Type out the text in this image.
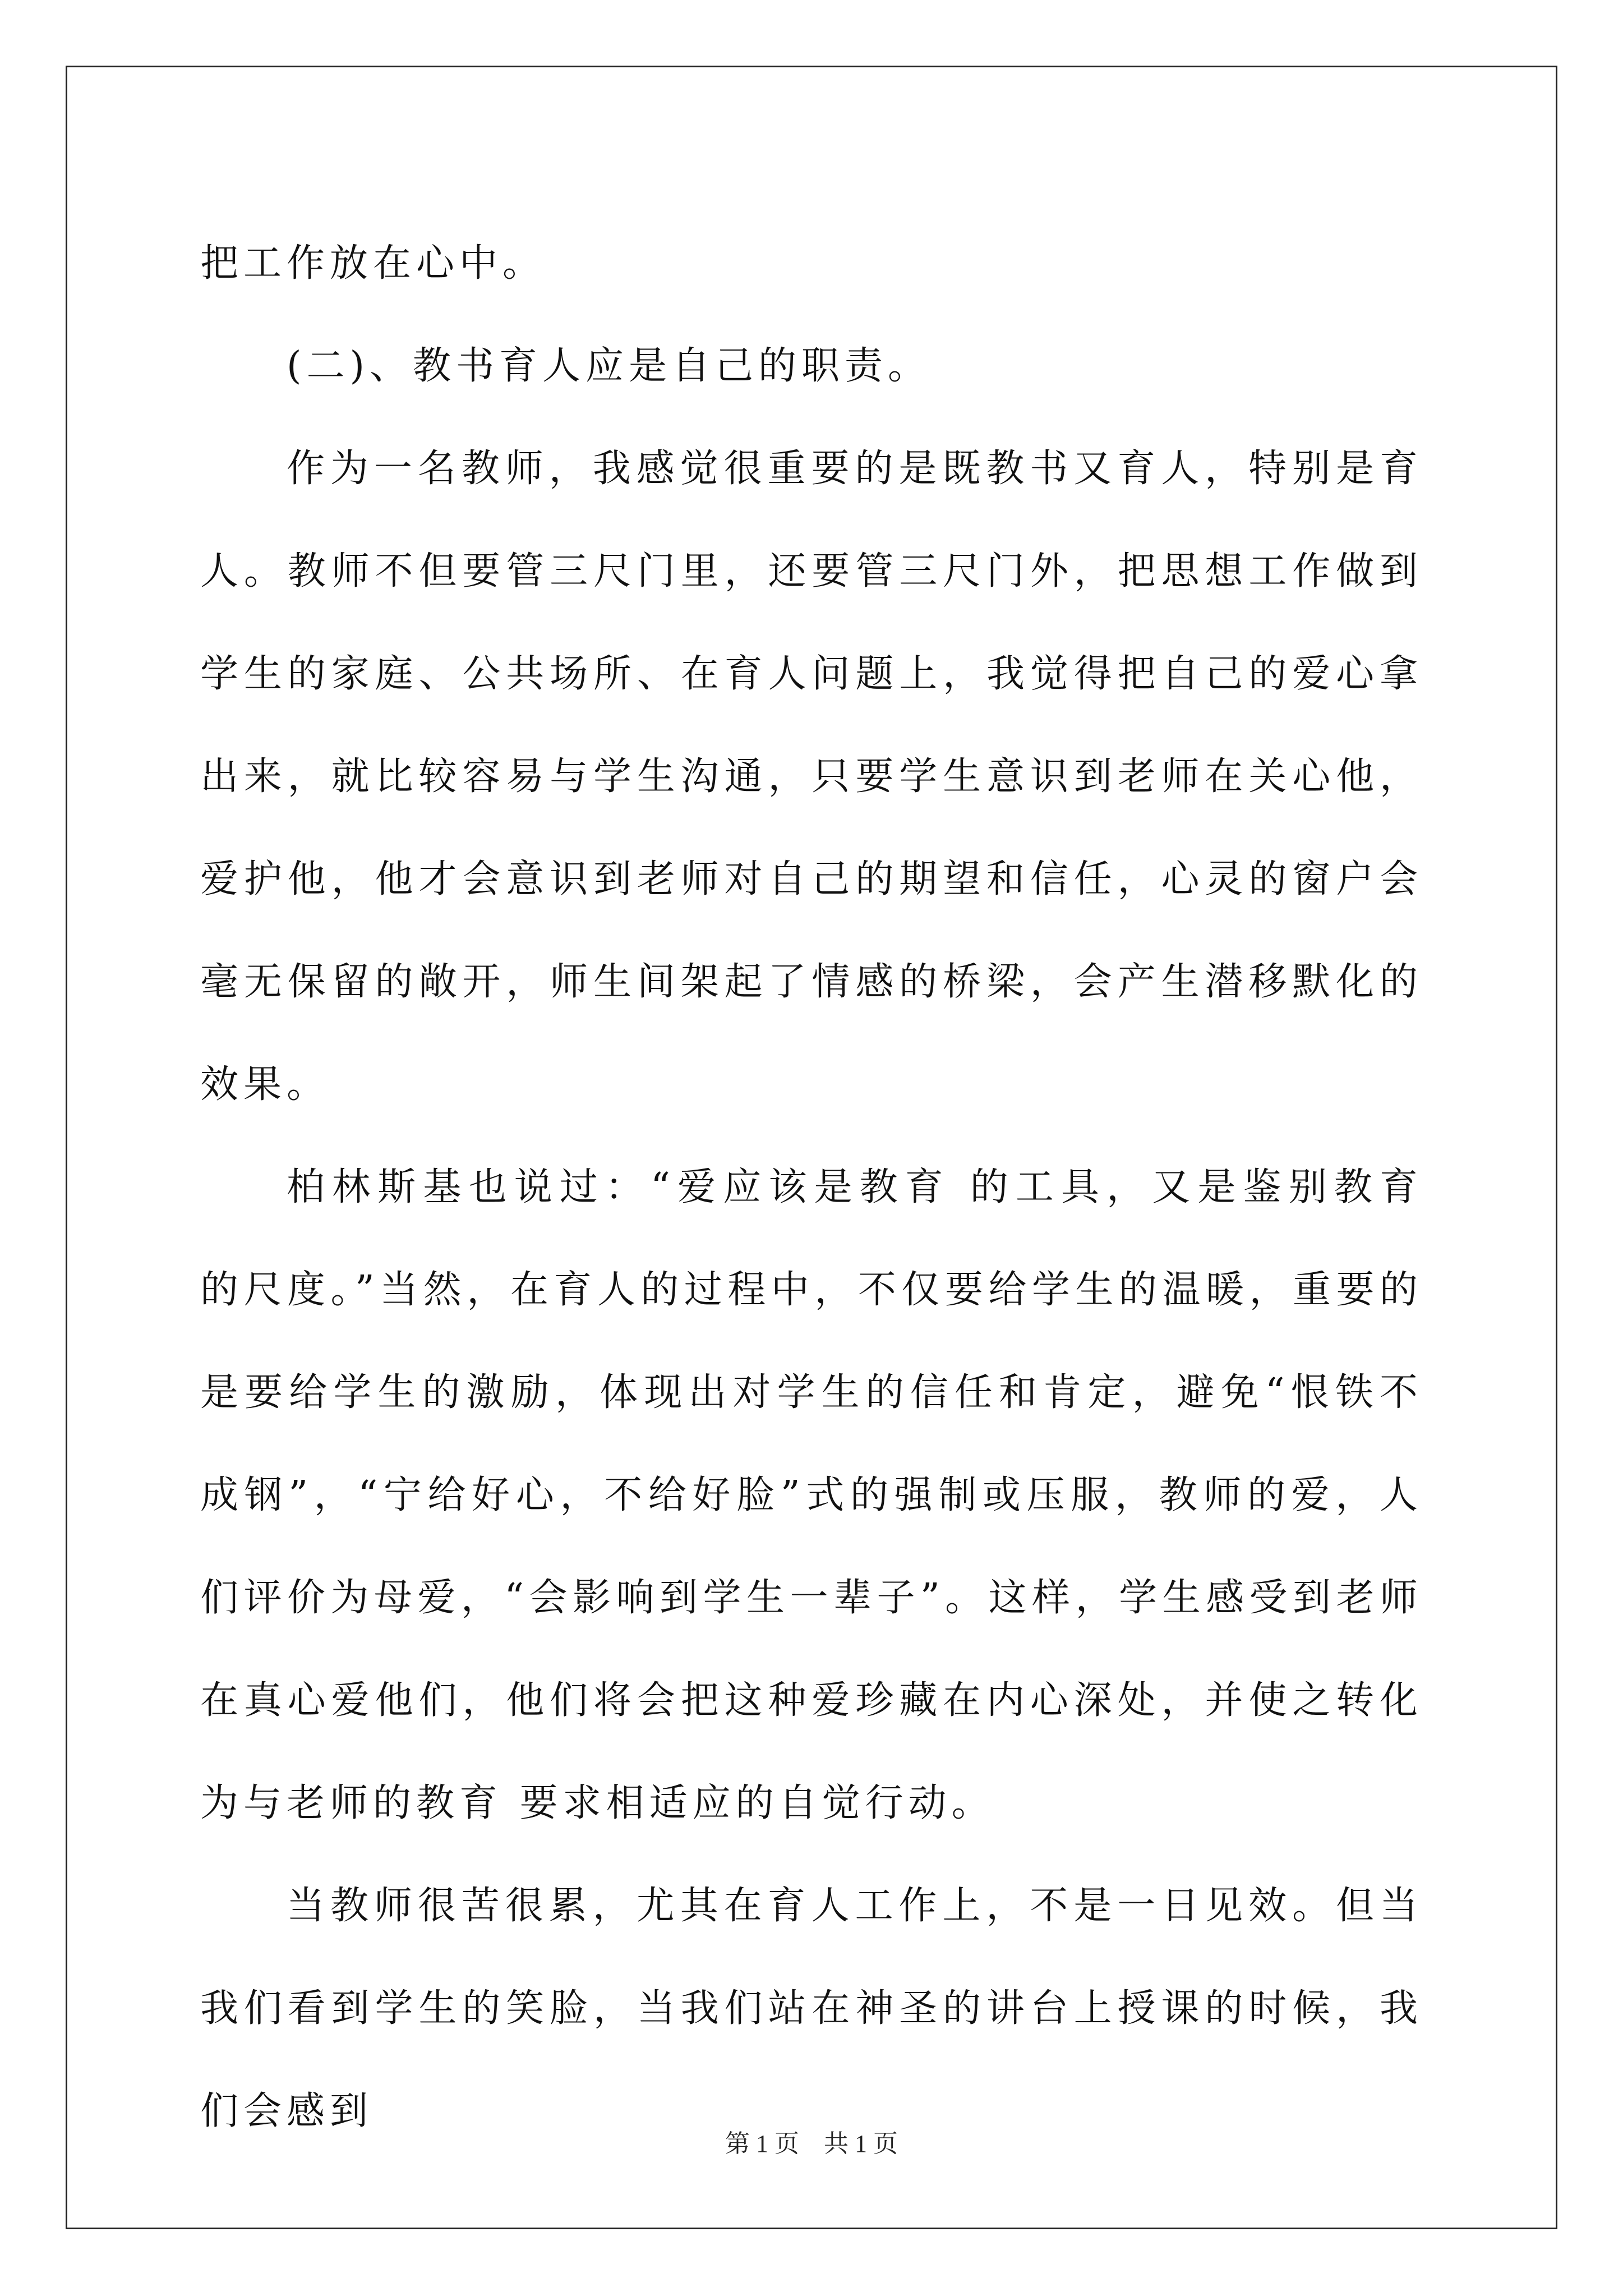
把工作放在心中。

(二)、教书育人应是自己的职责。

作为一名教师，我感觉很重要的是既教书又育人，特别是育人。教师不但要管三尺门里，还要管三尺门外，把思想工作做到学生的家庭、公共场所、在育人问题上，我觉得把自己的爱心拿出来，就比较容易与学生沟通，只要学生意识到老师在关心他，爱护他，他才会意识到老师对自己的期望和信任，心灵的窗户会毫无保留的敞开，师生间架起了情感的桥梁，会产生潜移默化的效果。

柏林斯基也说过：“爱应该是教育 的工具，又是鉴别教育 的尺度。”当然，在育人的过程中，不仅要给学生的温暖，重要的是要给学生的激励，体现出对学生的信任和肯定，避免“恨铁不成钢”，“宁给好心，不给好脸”式的强制或压服，教师的爱，人们评价为母爱，“会影响到学生一辈子”。这样，学生感受到老师在真心爱他们，他们将会把这种爱珍藏在内心深处，并使之转化为与老师的教育 要求相适应的自觉行动。

当教师很苦很累，尤其在育人工作上，不是一日见效。但当我们看到学生的笑脸，当我们站在神圣的讲台上授课的时候，我们会感到

第 1 页　共 1 页
